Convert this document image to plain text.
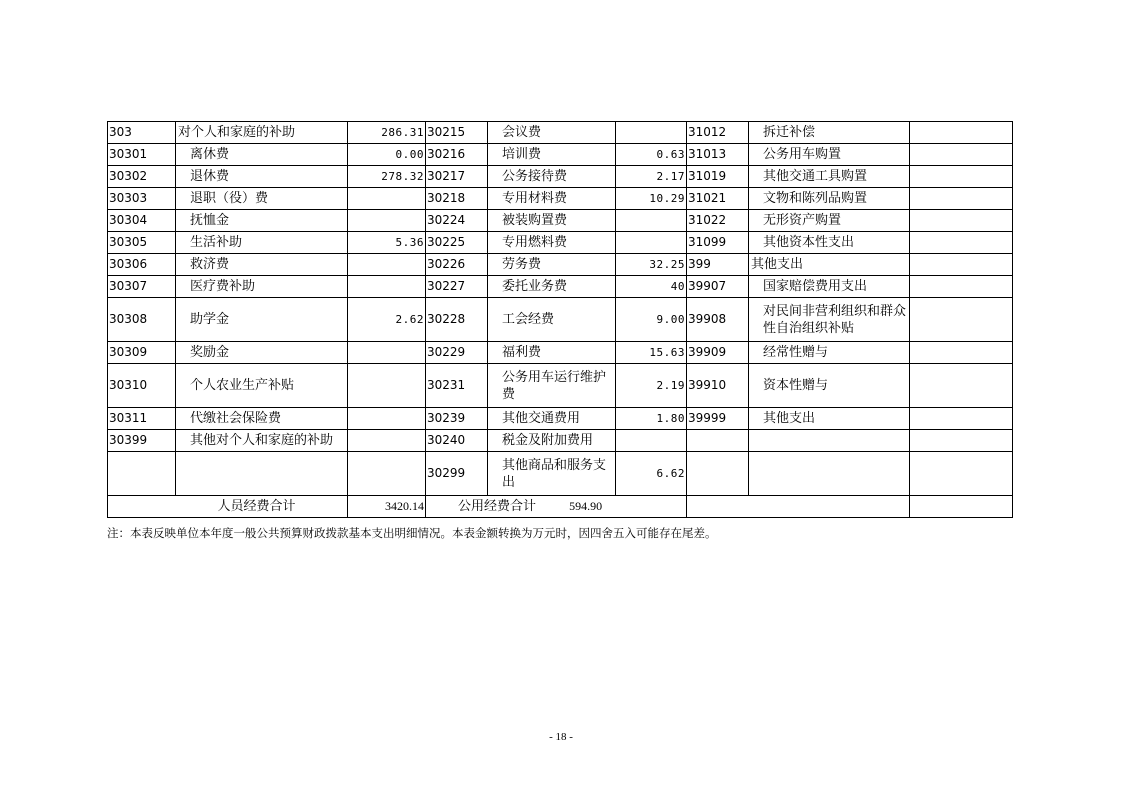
303	对个人和家庭的补助	286.31	30215	会议费		31012	拆迁补偿	
30301	离休费	0.00	30216	培训费	0.63	31013	公务用车购置	
30302	退休费	278.32	30217	公务接待费	2.17	31019	其他交通工具购置	
30303	退职（役）费		30218	专用材料费	10.29	31021	文物和陈列品购置	
30304	抚恤金		30224	被装购置费		31022	无形资产购置	
30305	生活补助	5.36	30225	专用燃料费		31099	其他资本性支出	
30306	救济费		30226	劳务费	32.25	399	其他支出	
30307	医疗费补助		30227	委托业务费	40	39907	国家赔偿费用支出	
30308	助学金	2.62	30228	工会经费	9.00	39908	对民间非营利组织和群众性自治组织补贴	
30309	奖励金		30229	福利费	15.63	39909	经常性赠与	
30310	个人农业生产补贴		30231	公务用车运行维护费	2.19	39910	资本性赠与	
30311	代缴社会保险费		30239	其他交通费用	1.80	39999	其他支出	
30399	其他对个人和家庭的补助		30240	税金及附加费用				
			30299	其他商品和服务支出	6.62			
人员经费合计		3420.14	公用经费合计 594.90					
注：本表反映单位本年度一般公共预算财政拨款基本支出明细情况。本表金额转换为万元时，因四舍五入可能存在尾差。
- 18 -
